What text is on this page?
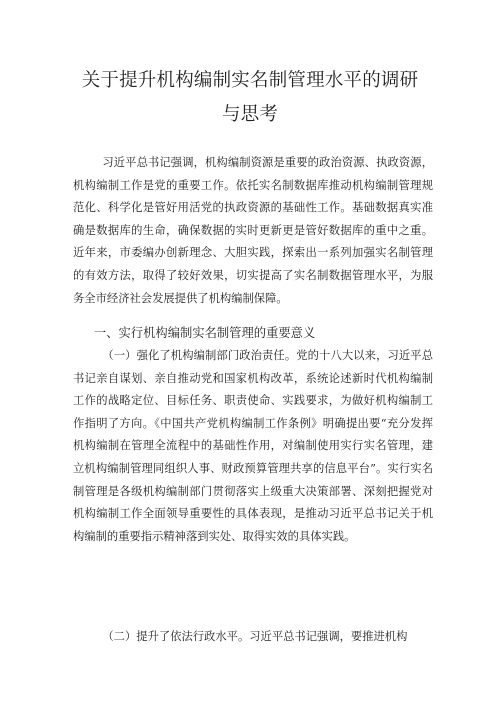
关于提升机构编制实名制管理水平的调研
与思考

习近平总书记强调，机构编制资源是重要的政治资源、执政资源，机构编制工作是党的重要工作。依托实名制数据库推动机构编制管理规范化、科学化是管好用活党的执政资源的基础性工作。基础数据真实准确是数据库的生命，确保数据的实时更新更是管好数据库的重中之重。近年来，市委编办创新理念、大胆实践，探索出一系列加强实名制管理的有效方法，取得了较好效果，切实提高了实名制数据管理水平，为服务全市经济社会发展提供了机构编制保障。

一、实行机构编制实名制管理的重要意义

（一）强化了机构编制部门政治责任。党的十八大以来，习近平总书记亲自谋划、亲自推动党和国家机构改革，系统论述新时代机构编制工作的战略定位、目标任务、职责使命、实践要求，为做好机构编制工作指明了方向。《中国共产党机构编制工作条例》明确提出要“充分发挥机构编制在管理全流程中的基础性作用，对编制使用实行实名管理，建立机构编制管理同组织人事、财政预算管理共享的信息平台”。实行实名制管理是各级机构编制部门贯彻落实上级重大决策部署、深刻把握党对机构编制工作全面领导重要性的具体表现，是推动习近平总书记关于机构编制的重要指示精神落到实处、取得实效的具体实践。

（二）提升了依法行政水平。习近平总书记强调，要推进机构
